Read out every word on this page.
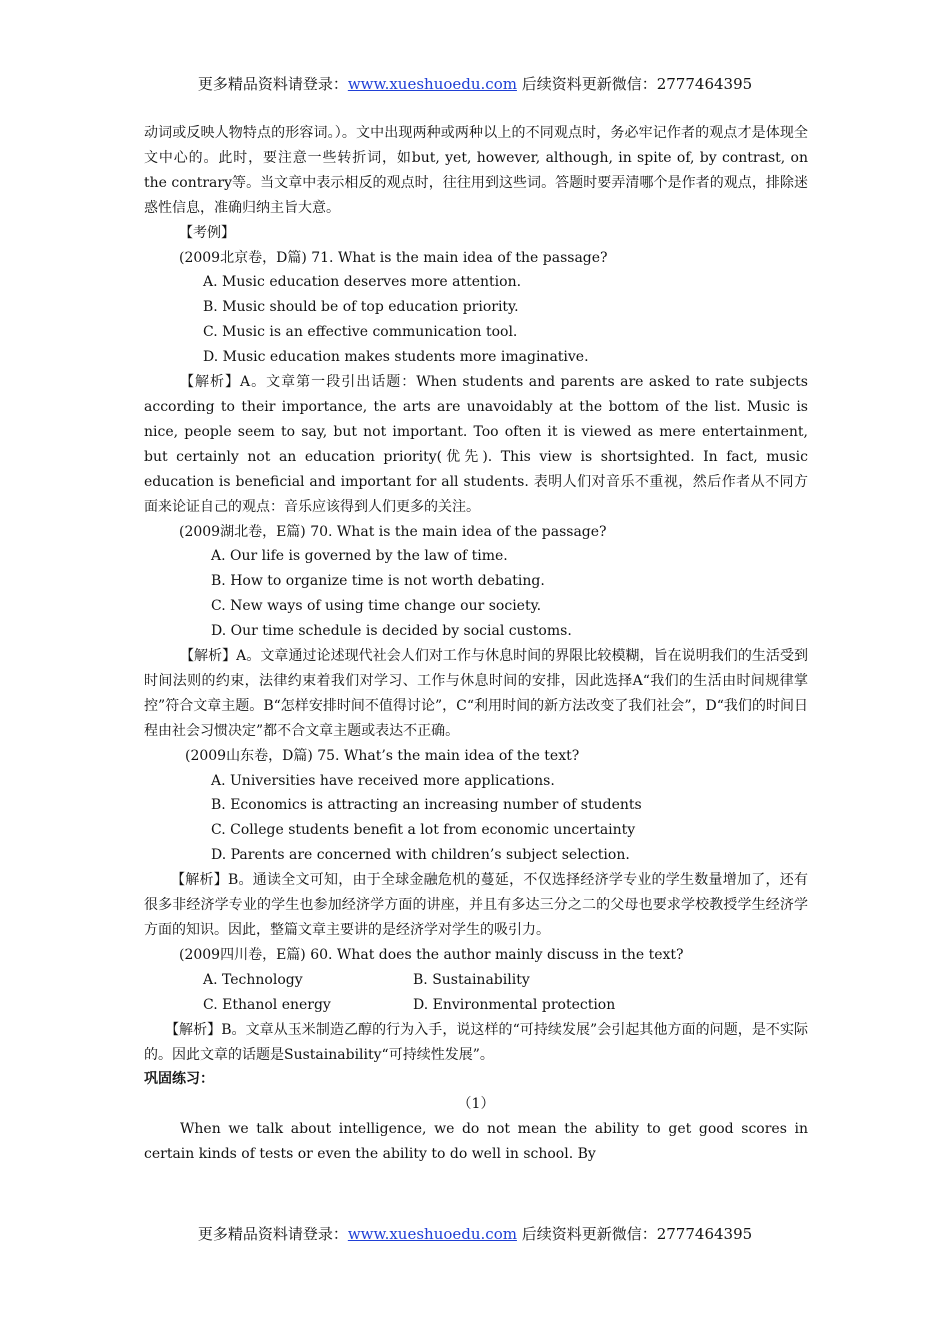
更多精品资料请登录：www.xueshuoedu.com 后续资料更新微信：2777464395

动词或反映人物特点的形容词。）。文中出现两种或两种以上的不同观点时，务必牢记作者的观点才是体现全文中心的。此时，要注意一些转折词，如but, yet, however, although, in spite of, by contrast, on the contrary等。当文章中表示相反的观点时，往往用到这些词。答题时要弄清哪个是作者的观点，排除迷惑性信息，准确归纳主旨大意。

【考例】

(2009北京卷，D篇) 71. What is the main idea of the passage?

A. Music education deserves more attention.

B. Music should be of top education priority.

C. Music is an effective communication tool.

D. Music education makes students more imaginative.

【解析】A。文章第一段引出话题：When students and parents are asked to rate subjects according to their importance, the arts are unavoidably at the bottom of the list. Music is nice, people seem to say, but not important. Too often it is viewed as mere entertainment, but certainly not an education priority(优先). This view is shortsighted. In fact, music education is beneficial and important for all students. 表明人们对音乐不重视，然后作者从不同方面来论证自己的观点：音乐应该得到人们更多的关注。

(2009湖北卷，E篇) 70. What is the main idea of the passage?

A. Our life is governed by the law of time.

B. How to organize time is not worth debating.

C. New ways of using time change our society.

D. Our time schedule is decided by social customs.

【解析】A。文章通过论述现代社会人们对工作与休息时间的界限比较模糊，旨在说明我们的生活受到时间法则的约束，法律约束着我们对学习、工作与休息时间的安排，因此选择A“我们的生活由时间规律掌控”符合文章主题。B“怎样安排时间不值得讨论”，C“利用时间的新方法改变了我们社会”，D“我们的时间日程由社会习惯决定”都不合文章主题或表达不正确。

(2009山东卷，D篇) 75. What’s the main idea of the text?

A. Universities have received more applications.

B. Economics is attracting an increasing number of students

C. College students benefit a lot from economic uncertainty

D. Parents are concerned with children’s subject selection.

【解析】B。通读全文可知，由于全球金融危机的蔓延，不仅选择经济学专业的学生数量增加了，还有很多非经济学专业的学生也参加经济学方面的讲座，并且有多达三分之二的父母也要求学校教授学生经济学方面的知识。因此，整篇文章主要讲的是经济学对学生的吸引力。

(2009四川卷，E篇) 60. What does the author mainly discuss in the text?

A. Technology	B. Sustainability
C. Ethanol energy	D. Environmental protection

【解析】B。文章从玉米制造乙醇的行为入手，说这样的“可持续发展”会引起其他方面的问题，是不实际的。因此文章的话题是Sustainability“可持续性发展”。

巩固练习：

（1）

When we talk about intelligence, we do not mean the ability to get good scores in certain kinds of tests or even the ability to do well in school. By

更多精品资料请登录：www.xueshuoedu.com 后续资料更新微信：2777464395
